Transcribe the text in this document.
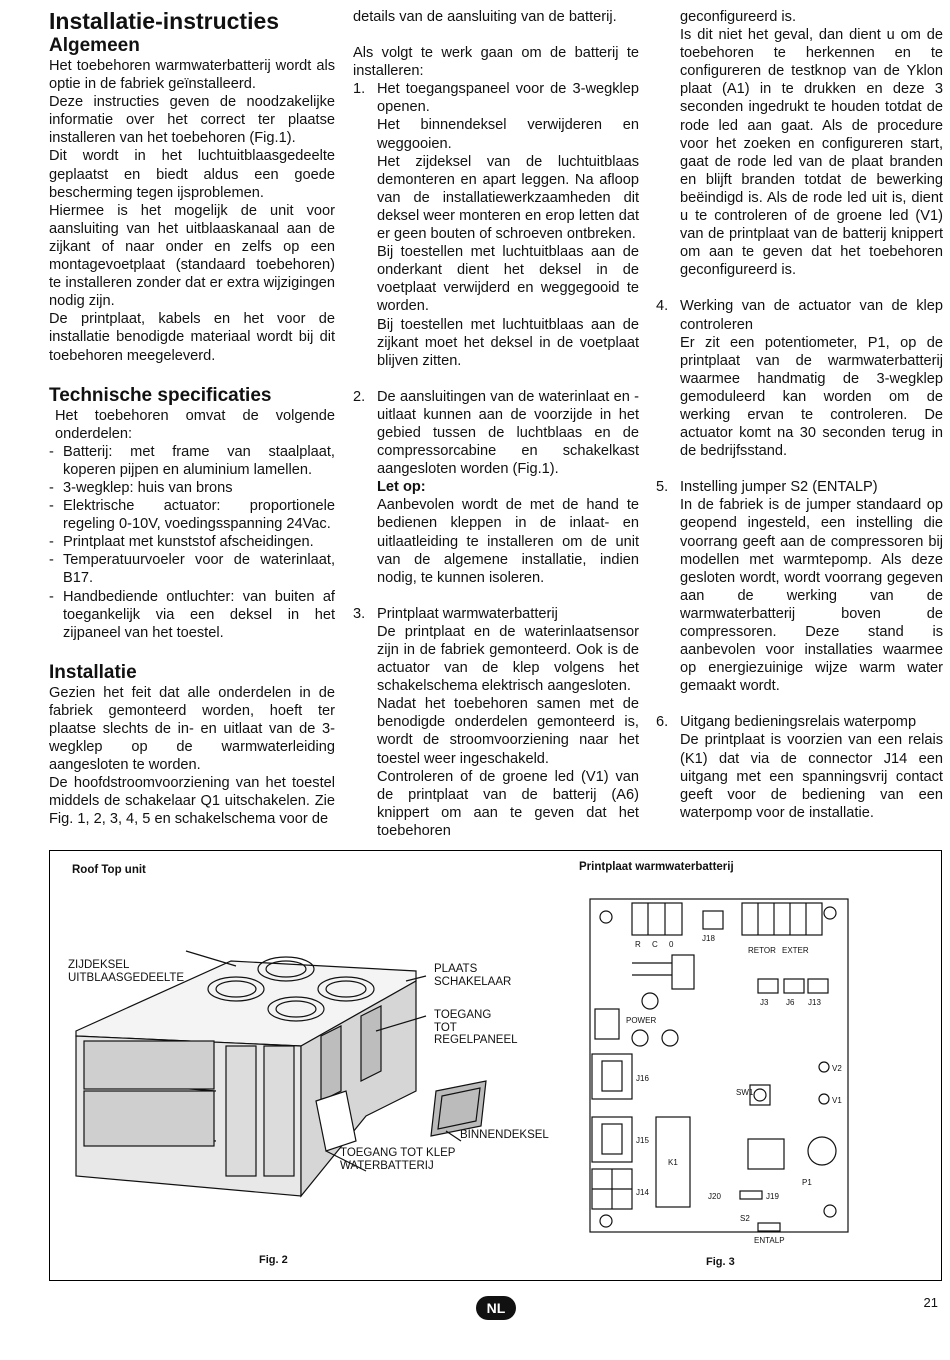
Installatie-instructies
Algemeen

Het toebehoren warmwaterbatterij wordt als optie in de fabriek geïnstalleerd.

Deze instructies geven de noodzakelijke informatie over het correct ter plaatse installeren van het toebehoren (Fig.1).

Dit wordt in het luchtuitblaasgedeelte geplaatst en biedt aldus een goede bescherming tegen ijsproblemen.

Hiermee is het mogelijk de unit voor aansluiting van het uitblaaskanaal aan de zijkant of naar onder en zelfs op een montagevoetplaat (standaard toebehoren) te installeren zonder dat er extra wijzigingen nodig zijn.

De printplaat, kabels en het voor de installatie benodigde materiaal wordt bij dit toebehoren meegeleverd.

Technische specificaties

Het toebehoren omvat de volgende onderdelen:

- Batterij: met frame van staalplaat, koperen pijpen en aluminium lamellen.
- 3-wegklep: huis van brons
- Elektrische actuator: proportionele regeling 0-10V, voedingsspanning 24Vac.
- Printplaat met kunststof afscheidingen.
- Temperatuurvoeler voor de waterinlaat, B17.
- Handbediende ontluchter: van buiten af toegankelijk via een deksel in het zijpaneel van het toestel.
Installatie

Gezien het feit dat alle onderdelen in de fabriek gemonteerd worden, hoeft ter plaatse slechts de in- en uitlaat van de 3-wegklep op de warmwaterleiding aangesloten te worden.

De hoofdstroomvoorziening van het toestel middels de schakelaar Q1 uitschakelen. Zie Fig. 1, 2, 3, 4, 5 en schakelschema voor de

details van de aansluiting van de batterij.

Als volgt te werk gaan om de batterij te installeren:

1. Het toegangspaneel voor de 3-wegklep openen.

Het binnendeksel verwijderen en weggooien.

Het zijdeksel van de luchtuitblaas demonteren en apart leggen. Na afloop van de installatiewerkzaamheden dit deksel weer monteren en erop letten dat er geen bouten of schroeven ontbreken.

Bij toestellen met luchtuitblaas aan de onderkant dient het deksel in de voetplaat verwijderd en weggegooid te worden.

Bij toestellen met luchtuitblaas aan de zijkant moet het deksel in de voetplaat blijven zitten.

2. De aansluitingen van de waterinlaat en -uitlaat kunnen aan de voorzijde in het gebied tussen de luchtblaas en de compressorcabine en schakelkast aangesloten worden (Fig.1).

Let op:

Aanbevolen wordt de met de hand te bedienen kleppen in de inlaat- en uitlaatleiding te installeren om de unit van de algemene installatie, indien nodig, te kunnen isoleren.

3. Printplaat warmwaterbatterij

De printplaat en de waterinlaatsensor zijn in de fabriek gemonteerd. Ook is de actuator van de klep volgens het schakelschema elektrisch aangesloten.

Nadat het toebehoren samen met de benodigde onderdelen gemonteerd is, wordt de stroomvoorziening naar het toestel weer ingeschakeld.

Controleren of de groene led (V1) van de printplaat van de batterij (A6) knippert om aan te geven dat het toebehoren

geconfigureerd is.

Is dit niet het geval, dan dient u om de toebehoren te herkennen en te configureren de testknop van de Yklon plaat (A1) in te drukken en deze 3 seconden ingedrukt te houden totdat de rode led aan gaat. Als de procedure voor het zoeken en configureren start, gaat de rode led van de plaat branden en blijft branden totdat de bewerking beëindigd is. Als de rode led uit is, dient u te controleren of de groene led (V1) van de printplaat van de batterij knippert om aan te geven dat het toebehoren geconfigureerd is.

4. Werking van de actuator van de klep controleren

Er zit een potentiometer, P1, op de printplaat van de warmwaterbatterij waarmee handmatig de 3-wegklep gemoduleerd kan worden om de werking ervan te controleren. De actuator komt na 30 seconden terug in de bedrijfsstand.

5. Instelling jumper S2 (ENTALP)

In de fabriek is de jumper standaard op geopend ingesteld, een instelling die voorrang geeft aan de compressoren bij modellen met warmtepomp. Als deze gesloten wordt, wordt voorrang gegeven aan de werking van de warmwaterbatterij boven de compressoren. Deze stand is aanbevolen voor installaties waarmee op energiezuinige wijze warm water gemaakt wordt.

6. Uitgang bedieningsrelais waterpomp

De printplaat is voorzien van een relais (K1) dat via de connector J14 een uitgang met een spanningsvrij contact geeft voor de bediening van een waterpomp voor de installatie.

Roof Top unit	Printplaat warmwaterbatterij
ZIJDEKSEL
UITBLAASGEDEELTE
PLAATS
SCHAKELAAR
TOEGANG
TOT
REGELPANEEL
BINNENDEKSEL
TOEGANG TOT KLEP
WATERBATTERIJ
R C 0
J18
RETOR EXTER
J3 J6 J13
POWER
V2
V1
J16
SW1
J15
K1
J14	J20	J19
P1
S2
ENTALP
Fig. 2	Fig. 3
NL	21
